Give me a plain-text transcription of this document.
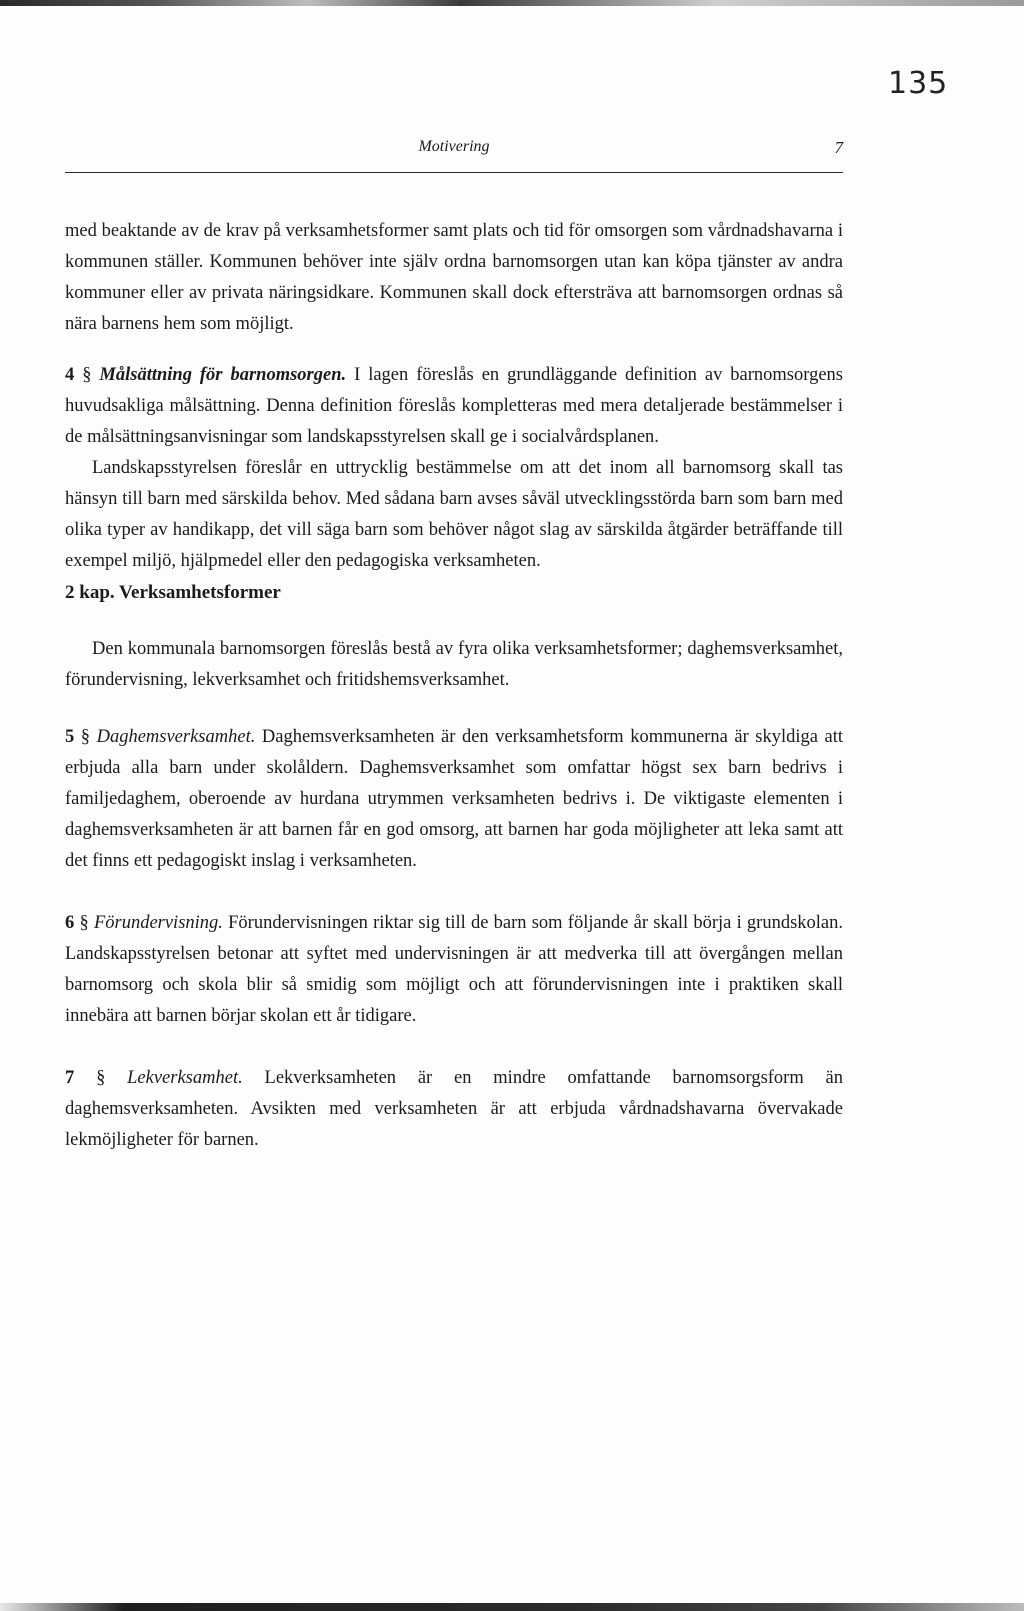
135
Motivering	7

med beaktande av de krav på verksamhetsformer samt plats och tid för omsorgen som vårdnadshavarna i kommunen ställer. Kommunen behöver inte själv ordna barnomsorgen utan kan köpa tjänster av andra kommuner eller av privata näringsidkare. Kommunen skall dock eftersträva att barnomsorgen ordnas så nära barnens hem som möjligt.

4 § Målsättning för barnomsorgen. I lagen föreslås en grundläggande definition av barnomsorgens huvudsakliga målsättning. Denna definition föreslås kompletteras med mera detaljerade bestämmelser i de målsättningsanvisningar som landskapsstyrelsen skall ge i socialvårdsplanen.

Landskapsstyrelsen föreslår en uttrycklig bestämmelse om att det inom all barnomsorg skall tas hänsyn till barn med särskilda behov. Med sådana barn avses såväl utvecklingsstörda barn som barn med olika typer av handikapp, det vill säga barn som behöver något slag av särskilda åtgärder beträffande till exempel miljö, hjälpmedel eller den pedagogiska verksamheten.

2 kap. Verksamhetsformer

Den kommunala barnomsorgen föreslås bestå av fyra olika verksamhetsformer; daghemsverksamhet, förundervisning, lekverksamhet och fritidshemsverksamhet.

5 § Daghemsverksamhet. Daghemsverksamheten är den verksamhetsform kommunerna är skyldiga att erbjuda alla barn under skolåldern. Daghemsverksamhet som omfattar högst sex barn bedrivs i familjedaghem, oberoende av hurdana utrymmen verksamheten bedrivs i. De viktigaste elementen i daghemsverksamheten är att barnen får en god omsorg, att barnen har goda möjligheter att leka samt att det finns ett pedagogiskt inslag i verksamheten.

6 § Förundervisning. Förundervisningen riktar sig till de barn som följande år skall börja i grundskolan. Landskapsstyrelsen betonar att syftet med undervisningen är att medverka till att övergången mellan barnomsorg och skola blir så smidig som möjligt och att förundervisningen inte i praktiken skall innebära att barnen börjar skolan ett år tidigare.

7 § Lekverksamhet. Lekverksamheten är en mindre omfattande barnomsorgsform än daghemsverksamheten. Avsikten med verksamheten är att erbjuda vårdnadshavarna övervakade lekmöjligheter för barnen.
